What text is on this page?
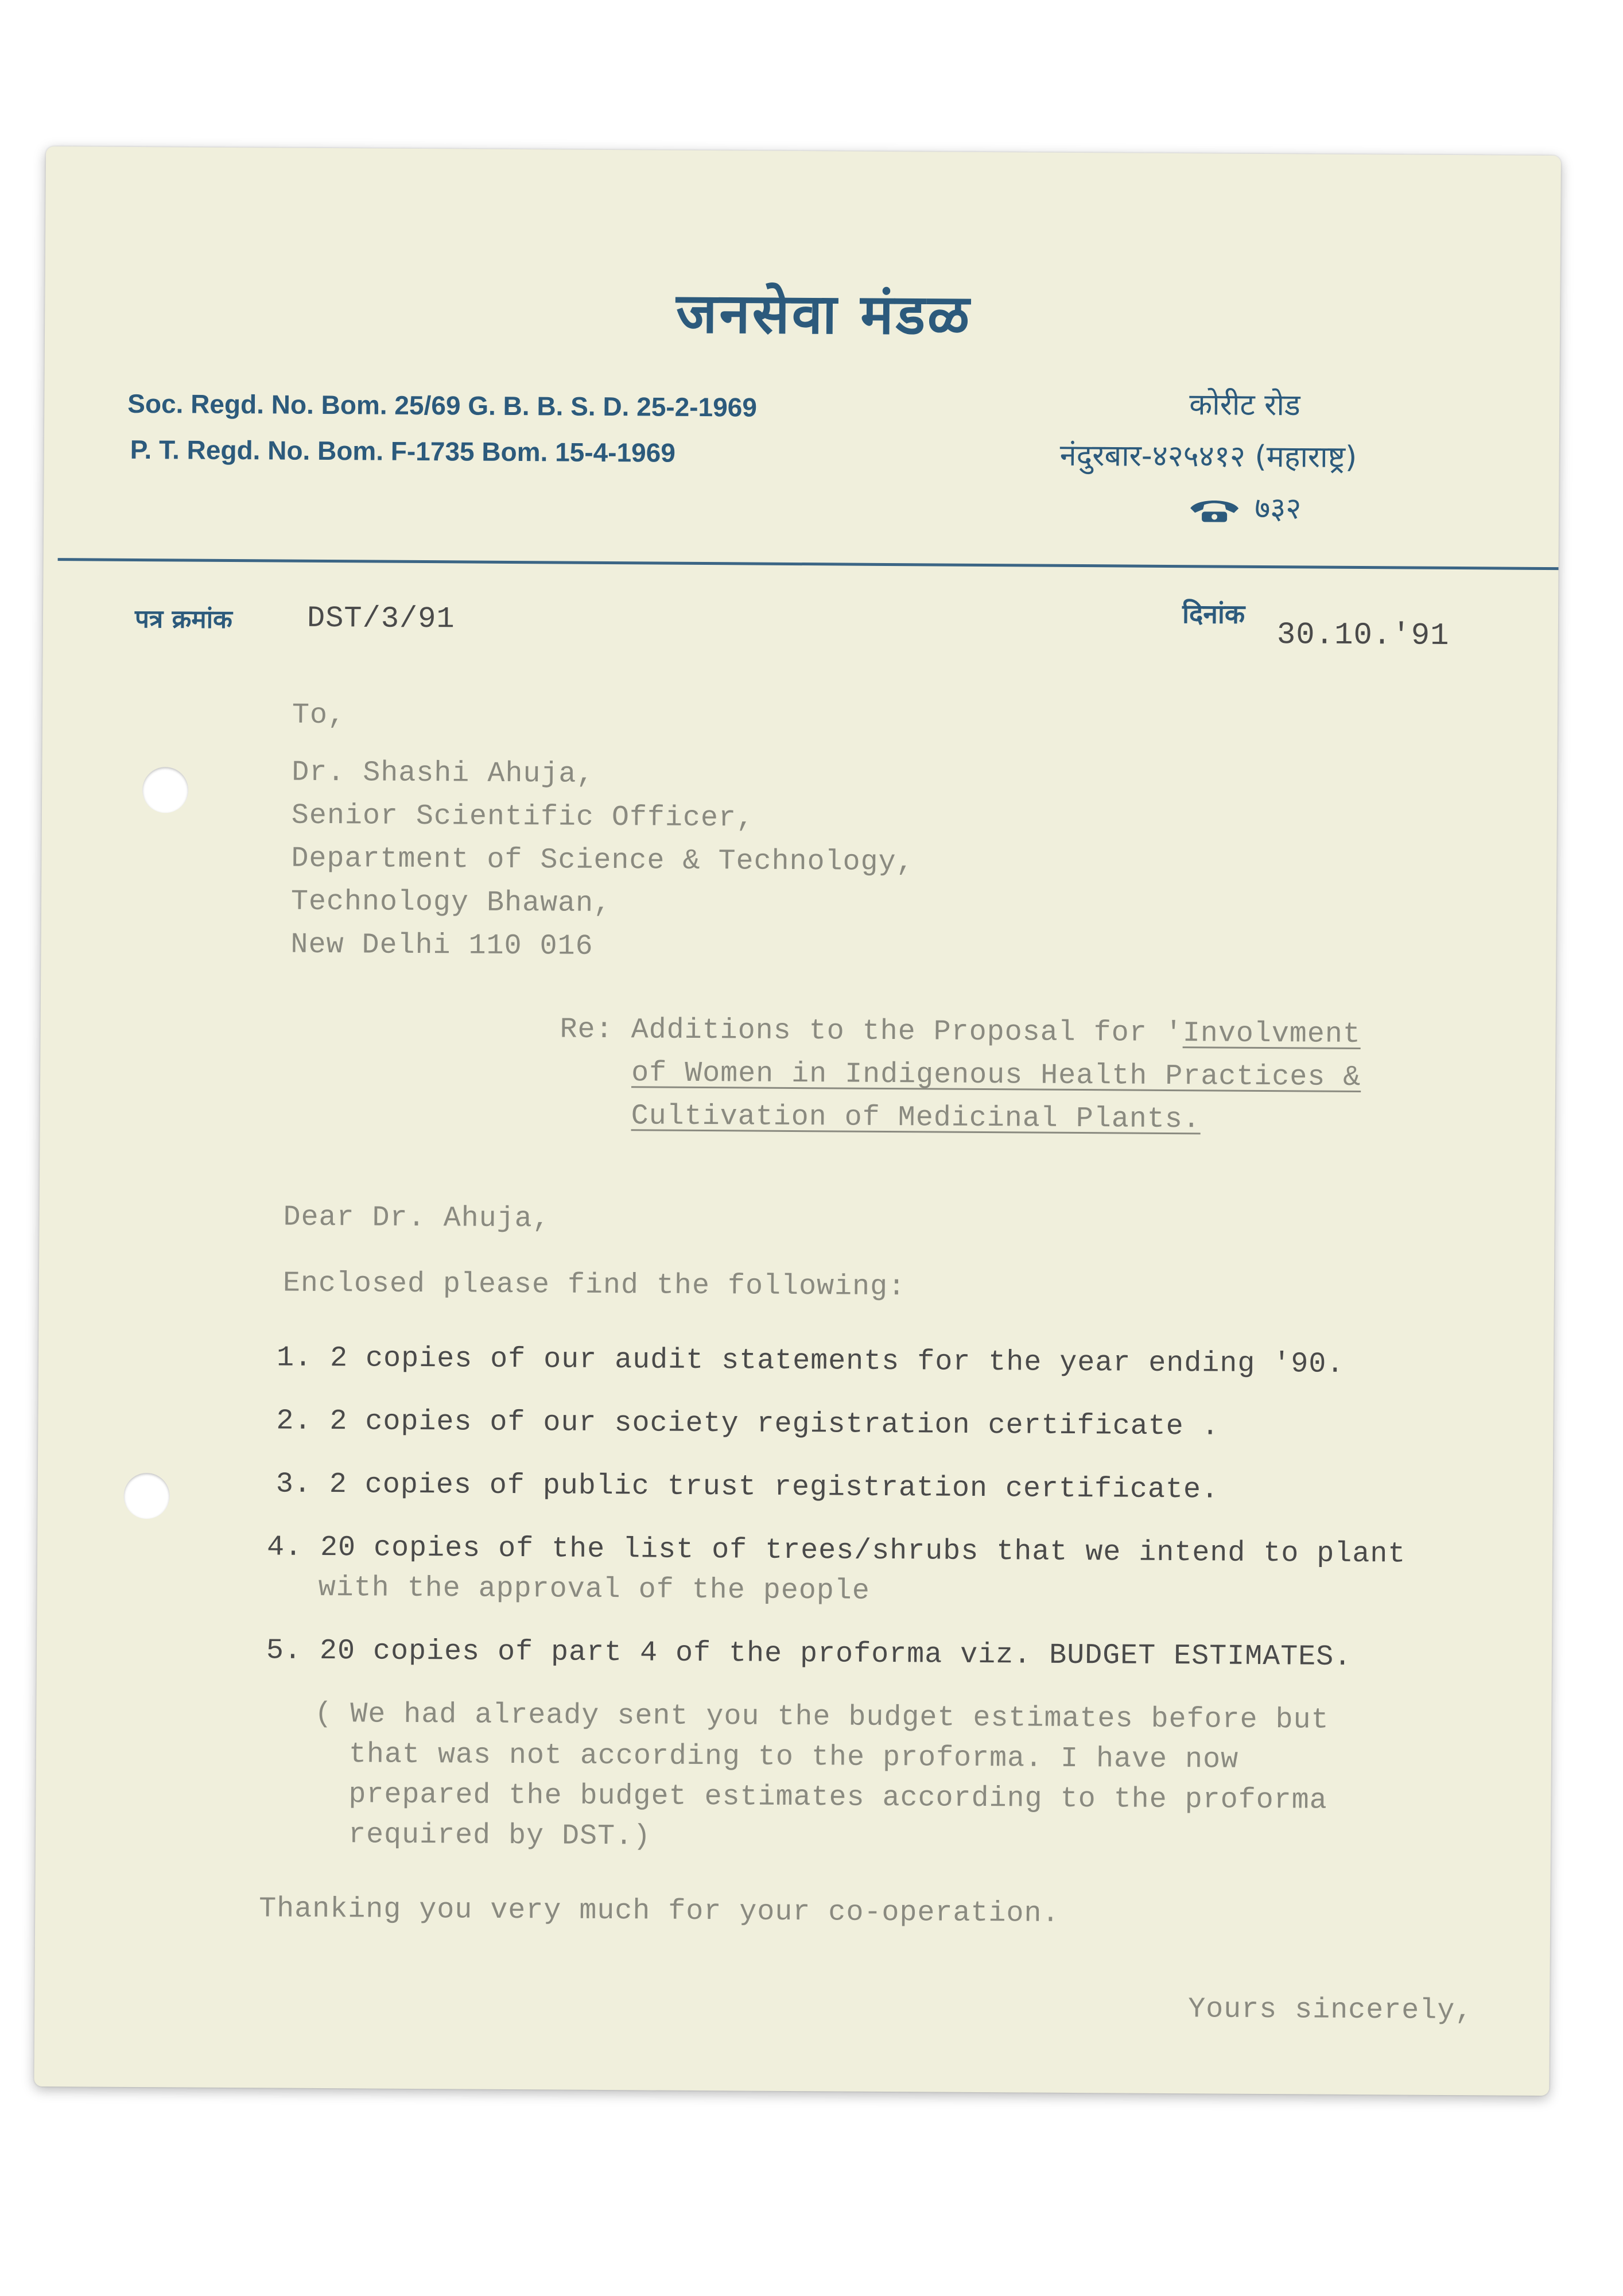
जनसेवा मंडळ
Soc. Regd. No. Bom. 25/69 G. B. B. S. D. 25-2-1969
P. T. Regd. No. Bom. F-1735 Bom. 15-4-1969
कोरीट रोड
नंदुरबार-४२५४१२ (महाराष्ट्र)
७३२
पत्र क्रमांक DST/3/91	दिनांक
30.10.'91
To,
Dr. Shashi Ahuja,
Senior Scientific Officer,
Department of Science & Technology,
Technology Bhawan,
New Delhi 110 016
Re: Additions to the Proposal for 'Involvment
of Women in Indigenous Health Practices &
Cultivation of Medicinal Plants.
Dear Dr. Ahuja,
Enclosed please find the following:
1. 2 copies of our audit statements for the year ending '90.
2. 2 copies of our society registration certificate .
3. 2 copies of public trust registration certificate.
4. 20 copies of the list of trees/shrubs that we intend to plant
with the approval of the people
5. 20 copies of part 4 of the proforma viz. BUDGET ESTIMATES.
( We had already sent you the budget estimates before but
that was not according to the proforma. I have now
prepared the budget estimates according to the proforma
required by DST.)
Thanking you very much for your co-operation.
Yours sincerely,
